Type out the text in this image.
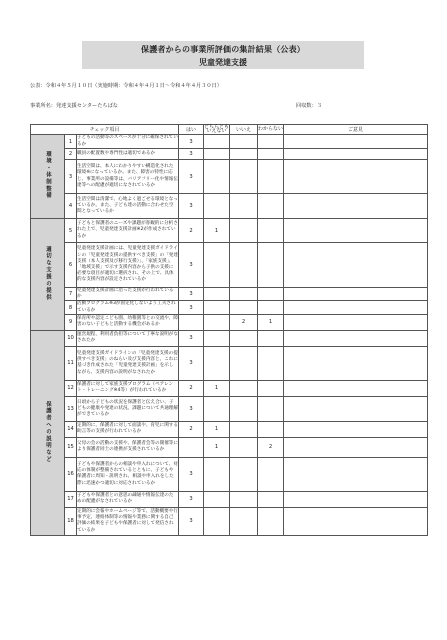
保護者からの事業所評価の集計結果（公表）
児童発達支援
公表：令和４年５月１０日（実施時期：令和４年４月１日～令和４年４月３０日）
事業所名：発達支援センターたちばな	回収数：３
チェック項目			はい	どちらともいえない	いいえ	わからない	ご意見
環境・体制整備	1	子どもの活動等のスペースが十分に確保されているか	3				
	2	職員の配置数や専門性は適切であるか	3				
	3	生活空間は、本人にわかりやすい構造化された環境※になっているか。また、障害の特性に応じ、事業所の設備等は、バリアフリー化や情報伝達等への配慮が適切になされているか	3				
	4	生活空間は清潔で、心地よく過ごせる環境となっているか。また、子ども達の活動に合わせた空間となっているか	3				
適切な支援の提供	5	子どもと保護者のニーズや課題が客観的に分析された上で、児童発達支援計画※2が作成されているか	2	1			
	6	児童発達支援計画には、児童発達支援ガイドラインの「児童発達支援の提供すべき支援」の「発達支援（本人支援及び移行支援）」、「家族支援」、「地域支援」で示す支援内容から子供の支援に必要な項目が適切に選択され、その上で、具体的な支援内容が設定されているか	3				
	7	児童発達支援計画に沿った支援が行われているか	3				
	8	活動プログラム※3が固定化しないよう工夫されているか	3				
	9	保育所や認定こども園、幼稚園等との交流や、障害のない子どもと活動する機会があるか			2	1	
保護者への説明など	10	運営規程、利用者負担等について丁寧な説明がなされたか	3				
	11	児童発達支援ガイドラインの「児童発達支援の提供すべき支援」のねらい及び支援内容と、これに基づき作成された「児童発達支援計画」を示しながら、支援内容の説明がなされたか	3				
	12	保護者に対して家族支援プログラム（ペアレント・トレーニング※4等）が行われているか	2	1			
	13	日頃から子どもの状況を保護者と伝え合い、子どもの健康や発達の状況、課題について共通理解ができているか	3				
	14	定期的に、保護者に対して面談や、育児に関する助言等の支援が行われているか	2	1			
	15	父母の会の活動の支援や、保護者会等の開催等により保護者同士の連携が支援されているか		1		2	
	16	子どもや保護者からの相談や申入れについて、対応の体制が整備されているとともに、子どもや保護者に周知・説明され、相談や申入れをした際に迅速かつ適切に対応されているか	3				
	17	子どもや保護者との意思の疎通や情報伝達のための配慮がなされているか	3				
	18	定期的に会報やホームページ等で、活動概要や行事予定、連絡体制等の情報や業務に関する自己評価の結果を子どもや保護者に対して発信されているか	3				
